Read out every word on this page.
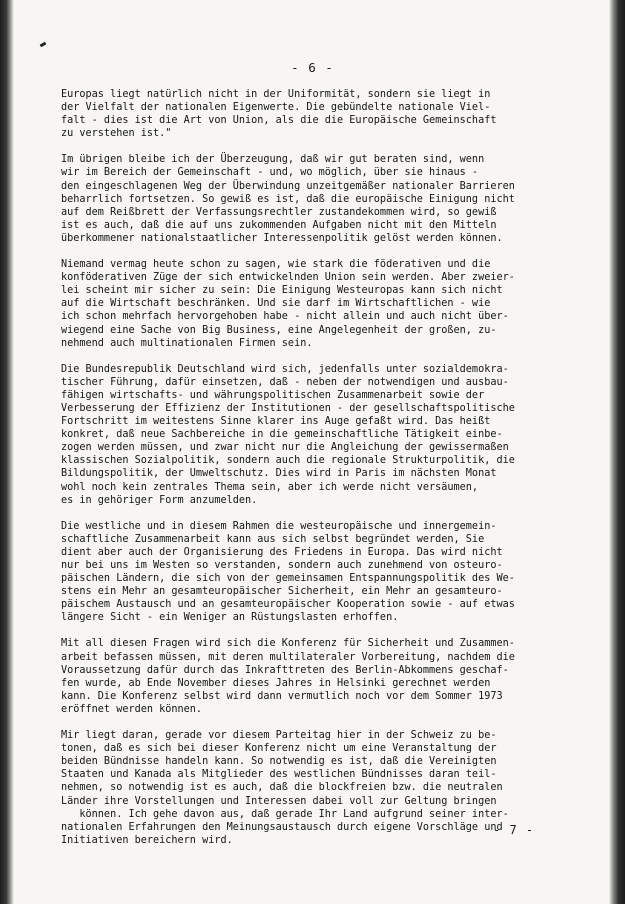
- 6 -
Europas liegt natürlich nicht in der Uniformität, sondern sie liegt in
der Vielfalt der nationalen Eigenwerte. Die gebündelte nationale Viel-
falt - dies ist die Art von Union, als die die Europäische Gemeinschaft
zu verstehen ist."
Im übrigen bleibe ich der Überzeugung, daß wir gut beraten sind, wenn
wir im Bereich der Gemeinschaft - und, wo möglich, über sie hinaus -
den eingeschlagenen Weg der Überwindung unzeitgemäßer nationaler Barrieren
beharrlich fortsetzen. So gewiß es ist, daß die europäische Einigung nicht
auf dem Reißbrett der Verfassungsrechtler zustandekommen wird, so gewiß
ist es auch, daß die auf uns zukommenden Aufgaben nicht mit den Mitteln
überkommener nationalstaatlicher Interessenpolitik gelöst werden können.
Niemand vermag heute schon zu sagen, wie stark die föderativen und die
konföderativen Züge der sich entwickelnden Union sein werden. Aber zweier-
lei scheint mir sicher zu sein: Die Einigung Westeuropas kann sich nicht
auf die Wirtschaft beschränken. Und sie darf im Wirtschaftlichen - wie
ich schon mehrfach hervorgehoben habe - nicht allein und auch nicht über-
wiegend eine Sache von Big Business, eine Angelegenheit der großen, zu-
nehmend auch multinationalen Firmen sein.
Die Bundesrepublik Deutschland wird sich, jedenfalls unter sozialdemokra-
tischer Führung, dafür einsetzen, daß - neben der notwendigen und ausbau-
fähigen wirtschafts- und währungspolitischen Zusammenarbeit sowie der
Verbesserung der Effizienz der Institutionen - der gesellschaftspolitische
Fortschritt im weitestens Sinne klarer ins Auge gefaßt wird. Das heißt
konkret, daß neue Sachbereiche in die gemeinschaftliche Tätigkeit einbe-
zogen werden müssen, und zwar nicht nur die Angleichung der gewissermaßen
klassischen Sozialpolitik, sondern auch die regionale Strukturpolitik, die
Bildungspolitik, der Umweltschutz. Dies wird in Paris im nächsten Monat
wohl noch kein zentrales Thema sein, aber ich werde nicht versäumen,
es in gehöriger Form anzumelden.
Die westliche und in diesem Rahmen die westeuropäische und innergemein-
schaftliche Zusammenarbeit kann aus sich selbst begründet werden, Sie
dient aber auch der Organisierung des Friedens in Europa. Das wird nicht
nur bei uns im Westen so verstanden, sondern auch zunehmend von osteuro-
päischen Ländern, die sich von der gemeinsamen Entspannungspolitik des We-
stens ein Mehr an gesamteuropäischer Sicherheit, ein Mehr an gesamteuro-
päischem Austausch und an gesamteuropäischer Kooperation sowie - auf etwas
längere Sicht - ein Weniger an Rüstungslasten erhoffen.
Mit all diesen Fragen wird sich die Konferenz für Sicherheit und Zusammen-
arbeit befassen müssen, mit deren multilateraler Vorbereitung, nachdem die
Voraussetzung dafür durch das Inkrafttreten des Berlin-Abkommens geschaf-
fen wurde, ab Ende November dieses Jahres in Helsinki gerechnet werden
kann. Die Konferenz selbst wird dann vermutlich noch vor dem Sommer 1973
eröffnet werden können.
Mir liegt daran, gerade vor diesem Parteitag hier in der Schweiz zu be-
tonen, daß es sich bei dieser Konferenz nicht um eine Veranstaltung der
beiden Bündnisse handeln kann. So notwendig es ist, daß die Vereinigten
Staaten und Kanada als Mitglieder des westlichen Bündnisses daran teil-
nehmen, so notwendig ist es auch, daß die blockfreien bzw. die neutralen
Länder ihre Vorstellungen und Interessen dabei voll zur Geltung bringen
können. Ich gehe davon aus, daß gerade Ihr Land aufgrund seiner inter-
nationalen Erfahrungen den Meinungsaustausch durch eigene Vorschläge und
Initiativen bereichern wird.
- 7 -
